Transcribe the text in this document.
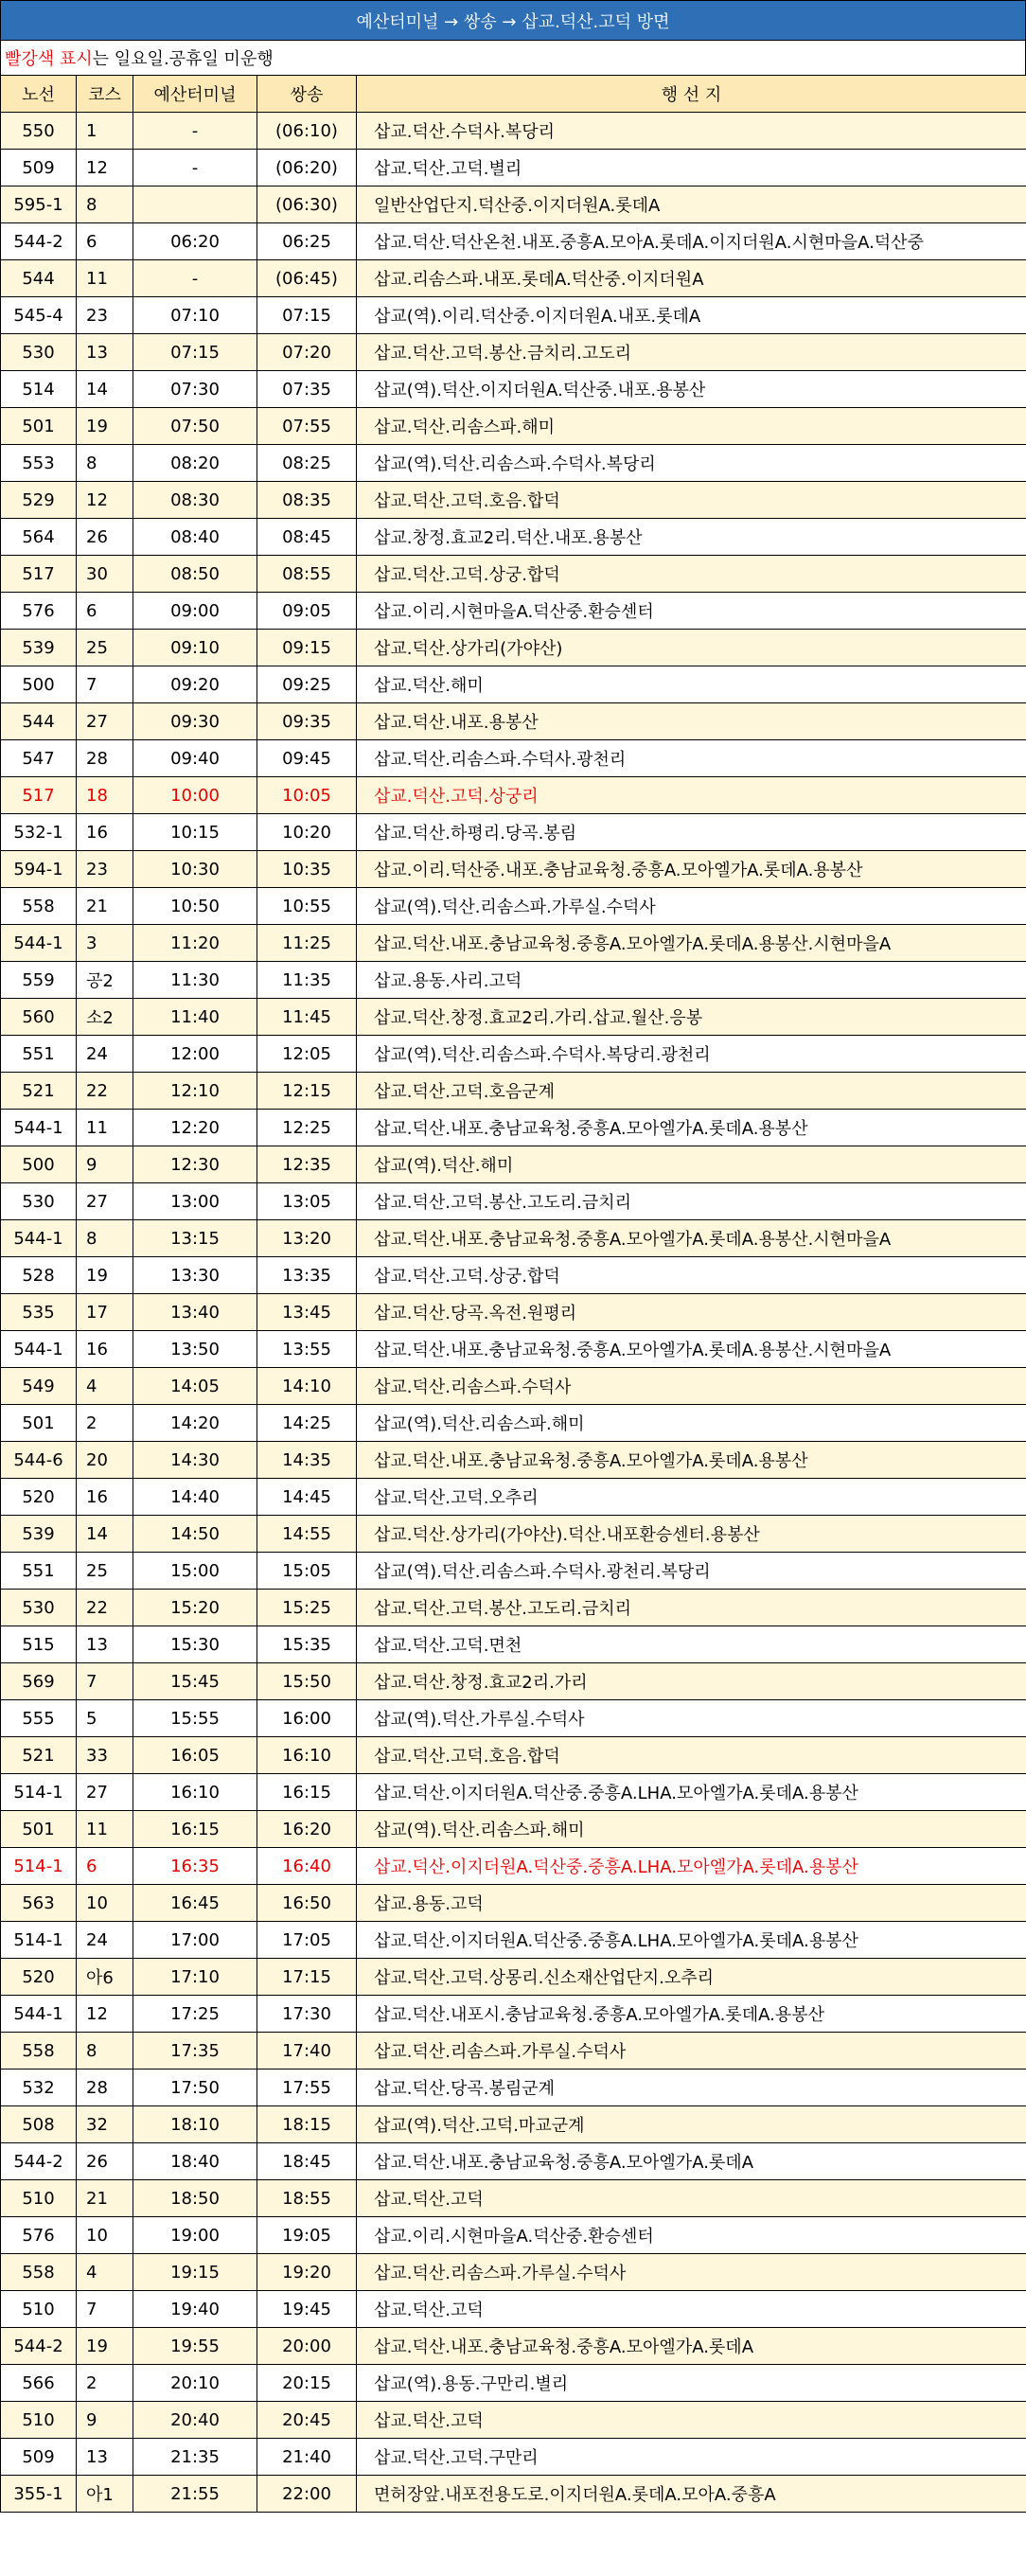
예산터미널 → 쌍송 → 삽교.덕산.고덕 방면
빨강색 표시 는 일요일.공휴일 미운행
노선	코스	예산터미널	쌍송	행 선 지
550	1	-	(06:10)	삽교.덕산.수덕사.복당리
509	12	-	(06:20)	삽교.덕산.고덕.별리
595-1	8		(06:30)	일반산업단지.덕산중.이지더원A.롯데A
544-2	6	06:20	06:25	삽교.덕산.덕산온천.내포.중흥A.모아A.롯데A.이지더원A.시현마을A.덕산중
544	11	-	(06:45)	삽교.리솜스파.내포.롯데A.덕산중.이지더원A
545-4	23	07:10	07:15	삽교(역).이리.덕산중.이지더원A.내포.롯데A
530	13	07:15	07:20	삽교.덕산.고덕.봉산.금치리.고도리
514	14	07:30	07:35	삽교(역).덕산.이지더원A.덕산중.내포.용봉산
501	19	07:50	07:55	삽교.덕산.리솜스파.해미
553	8	08:20	08:25	삽교(역).덕산.리솜스파.수덕사.복당리
529	12	08:30	08:35	삽교.덕산.고덕.호음.합덕
564	26	08:40	08:45	삽교.창정.효교2리.덕산.내포.용봉산
517	30	08:50	08:55	삽교.덕산.고덕.상궁.합덕
576	6	09:00	09:05	삽교.이리.시현마을A.덕산중.환승센터
539	25	09:10	09:15	삽교.덕산.상가리(가야산)
500	7	09:20	09:25	삽교.덕산.해미
544	27	09:30	09:35	삽교.덕산.내포.용봉산
547	28	09:40	09:45	삽교.덕산.리솜스파.수덕사.광천리
517	18	10:00	10:05	삽교.덕산.고덕.상궁리
532-1	16	10:15	10:20	삽교.덕산.하평리.당곡.봉림
594-1	23	10:30	10:35	삽교.이리.덕산중.내포.충남교육청.중흥A.모아엘가A.롯데A.용봉산
558	21	10:50	10:55	삽교(역).덕산.리솜스파.가루실.수덕사
544-1	3	11:20	11:25	삽교.덕산.내포.충남교육청.중흥A.모아엘가A.롯데A.용봉산.시현마을A
559	공2	11:30	11:35	삽교.용동.사리.고덕
560	소2	11:40	11:45	삽교.덕산.창정.효교2리.가리.삽교.월산.응봉
551	24	12:00	12:05	삽교(역).덕산.리솜스파.수덕사.복당리.광천리
521	22	12:10	12:15	삽교.덕산.고덕.호음군계
544-1	11	12:20	12:25	삽교.덕산.내포.충남교육청.중흥A.모아엘가A.롯데A.용봉산
500	9	12:30	12:35	삽교(역).덕산.해미
530	27	13:00	13:05	삽교.덕산.고덕.봉산.고도리.금치리
544-1	8	13:15	13:20	삽교.덕산.내포.충남교육청.중흥A.모아엘가A.롯데A.용봉산.시현마을A
528	19	13:30	13:35	삽교.덕산.고덕.상궁.합덕
535	17	13:40	13:45	삽교.덕산.당곡.옥전.원평리
544-1	16	13:50	13:55	삽교.덕산.내포.충남교육청.중흥A.모아엘가A.롯데A.용봉산.시현마을A
549	4	14:05	14:10	삽교.덕산.리솜스파.수덕사
501	2	14:20	14:25	삽교(역).덕산.리솜스파.해미
544-6	20	14:30	14:35	삽교.덕산.내포.충남교육청.중흥A.모아엘가A.롯데A.용봉산
520	16	14:40	14:45	삽교.덕산.고덕.오추리
539	14	14:50	14:55	삽교.덕산.상가리(가야산).덕산.내포환승센터.용봉산
551	25	15:00	15:05	삽교(역).덕산.리솜스파.수덕사.광천리.복당리
530	22	15:20	15:25	삽교.덕산.고덕.봉산.고도리.금치리
515	13	15:30	15:35	삽교.덕산.고덕.면천
569	7	15:45	15:50	삽교.덕산.창정.효교2리.가리
555	5	15:55	16:00	삽교(역).덕산.가루실.수덕사
521	33	16:05	16:10	삽교.덕산.고덕.호음.합덕
514-1	27	16:10	16:15	삽교.덕산.이지더원A.덕산중.중흥A.LHA.모아엘가A.롯데A.용봉산
501	11	16:15	16:20	삽교(역).덕산.리솜스파.해미
514-1	6	16:35	16:40	삽교.덕산.이지더원A.덕산중.중흥A.LHA.모아엘가A.롯데A.용봉산
563	10	16:45	16:50	삽교.용동.고덕
514-1	24	17:00	17:05	삽교.덕산.이지더원A.덕산중.중흥A.LHA.모아엘가A.롯데A.용봉산
520	아6	17:10	17:15	삽교.덕산.고덕.상몽리.신소재산업단지.오추리
544-1	12	17:25	17:30	삽교.덕산.내포시.충남교육청.중흥A.모아엘가A.롯데A.용봉산
558	8	17:35	17:40	삽교.덕산.리솜스파.가루실.수덕사
532	28	17:50	17:55	삽교.덕산.당곡.봉림군계
508	32	18:10	18:15	삽교(역).덕산.고덕.마교군계
544-2	26	18:40	18:45	삽교.덕산.내포.충남교육청.중흥A.모아엘가A.롯데A
510	21	18:50	18:55	삽교.덕산.고덕
576	10	19:00	19:05	삽교.이리.시현마을A.덕산중.환승센터
558	4	19:15	19:20	삽교.덕산.리솜스파.가루실.수덕사
510	7	19:40	19:45	삽교.덕산.고덕
544-2	19	19:55	20:00	삽교.덕산.내포.충남교육청.중흥A.모아엘가A.롯데A
566	2	20:10	20:15	삽교(역).용동.구만리.별리
510	9	20:40	20:45	삽교.덕산.고덕
509	13	21:35	21:40	삽교.덕산.고덕.구만리
355-1	아1	21:55	22:00	면허장앞.내포전용도로.이지더원A.롯데A.모아A.중흥A
